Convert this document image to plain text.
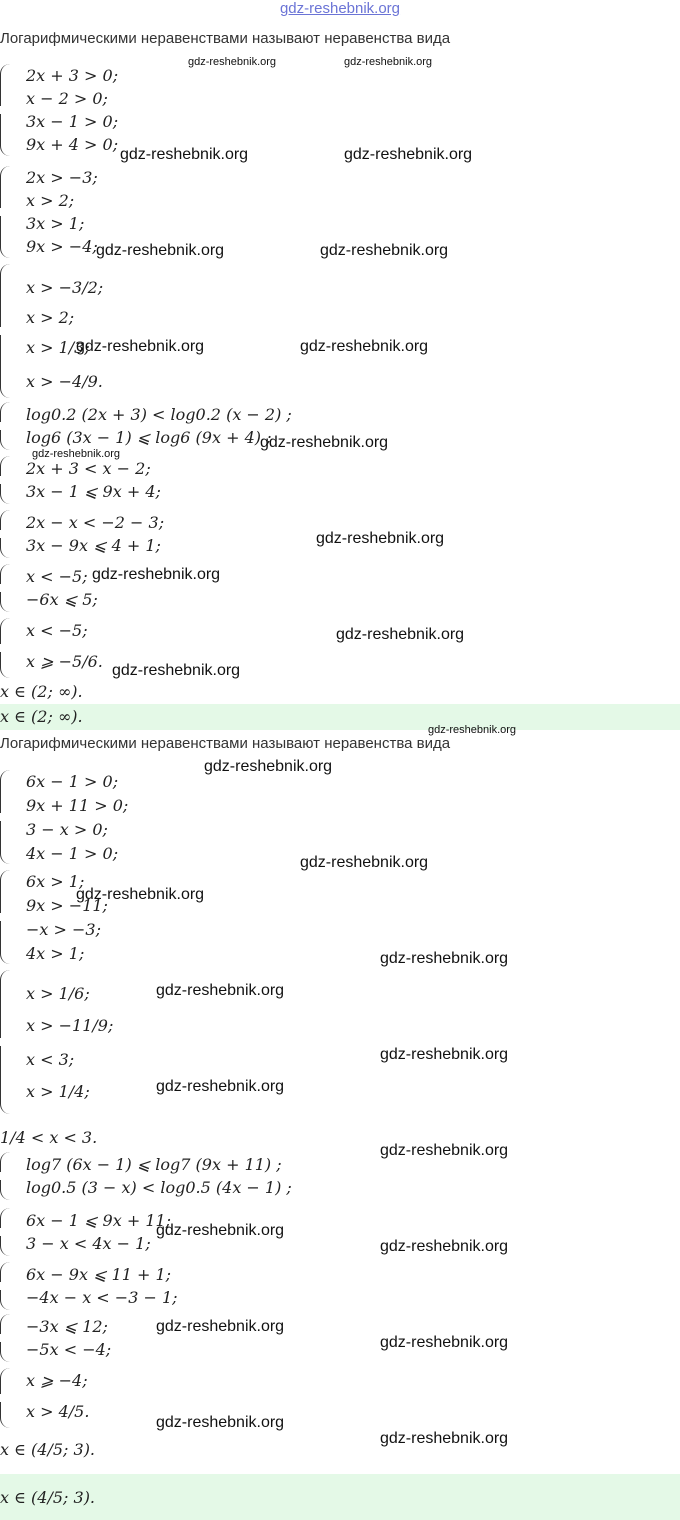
gdz-reshebnik.org
Логарифмическими неравенствами называют неравенства вида
2x + 3 > 0;
x − 2 > 0;
3x − 1 > 0;
9x + 4 > 0;
2x > −3;
x > 2;
3x > 1;
9x > −4;
x > −3/2;
x > 2;
x > 1/3;
x > −4/9.
log0.2 (2x + 3) < log0.2 (x − 2) ;
log6 (3x − 1) ⩽ log6 (9x + 4) ;
2x + 3 < x − 2;
3x − 1 ⩽ 9x + 4;
2x − x < −2 − 3;
3x − 9x ⩽ 4 + 1;
x < −5;
−6x ⩽ 5;
x < −5;
x ⩾ −5/6.
x ∈ (2; ∞).
x ∈ (2; ∞).
Логарифмическими неравенствами называют неравенства вида
6x − 1 > 0;
9x + 11 > 0;
3 − x > 0;
4x − 1 > 0;
6x > 1;
9x > −11;
−x > −3;
4x > 1;
x > 1/6;
x > −11/9;
x < 3;
x > 1/4;
1/4 < x < 3.
log7 (6x − 1) ⩽ log7 (9x + 11) ;
log0.5 (3 − x) < log0.5 (4x − 1) ;
6x − 1 ⩽ 9x + 11;
3 − x < 4x − 1;
6x − 9x ⩽ 11 + 1;
−4x − x < −3 − 1;
−3x ⩽ 12;
−5x < −4;
x ⩾ −4;
x > 4/5.
x ∈ (4/5; 3).
x ∈ (4/5; 3).
gdz-reshebnik.org	gdz-reshebnik.org
gdz-reshebnik.org	gdz-reshebnik.org
gdz-reshebnik.org	gdz-reshebnik.org
gdz-reshebnik.org	gdz-reshebnik.org
gdz-reshebnik.org
gdz-reshebnik.org
gdz-reshebnik.org
gdz-reshebnik.org
gdz-reshebnik.org
gdz-reshebnik.org
gdz-reshebnik.org
gdz-reshebnik.org
gdz-reshebnik.org
gdz-reshebnik.org
gdz-reshebnik.org
gdz-reshebnik.org
gdz-reshebnik.org
gdz-reshebnik.org
gdz-reshebnik.org
gdz-reshebnik.org
gdz-reshebnik.org
gdz-reshebnik.org
gdz-reshebnik.org
gdz-reshebnik.org
gdz-reshebnik.org
